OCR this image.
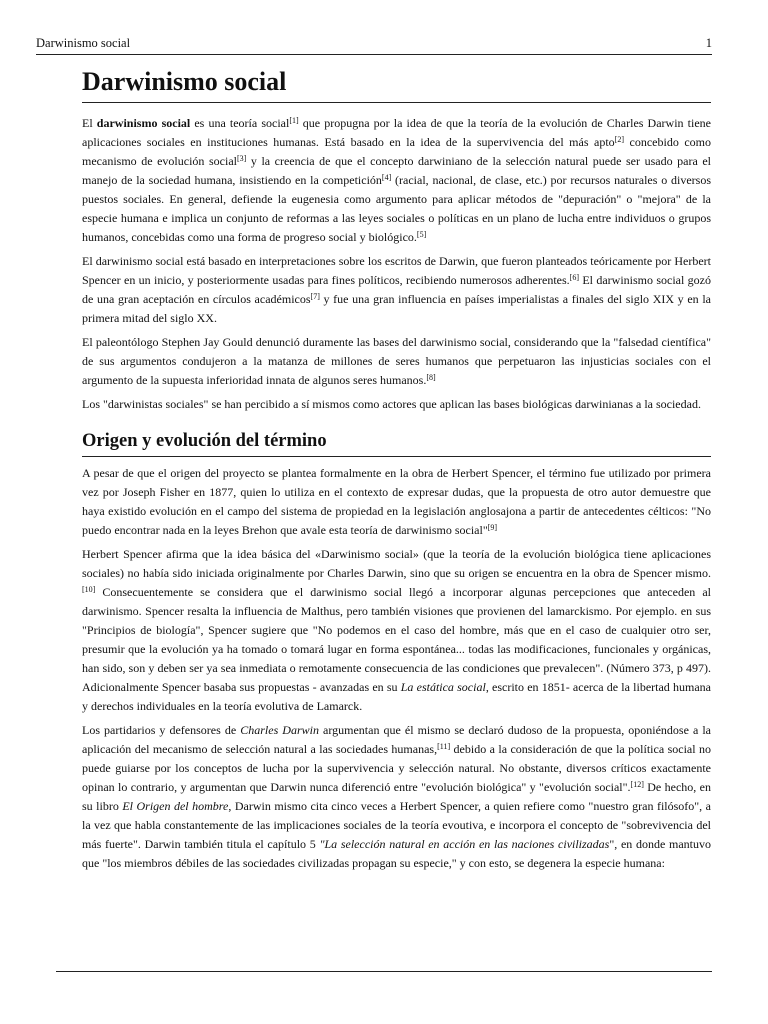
Darwinismo social	1
Darwinismo social

El darwinismo social es una teoría social[1] que propugna por la idea de que la teoría de la evolución de Charles Darwin tiene aplicaciones sociales en instituciones humanas. Está basado en la idea de la supervivencia del más apto[2] concebido como mecanismo de evolución social[3] y la creencia de que el concepto darwiniano de la selección natural puede ser usado para el manejo de la sociedad humana, insistiendo en la competición[4] (racial, nacional, de clase, etc.) por recursos naturales o diversos puestos sociales. En general, defiende la eugenesia como argumento para aplicar métodos de "depuración" o "mejora" de la especie humana e implica un conjunto de reformas a las leyes sociales o políticas en un plano de lucha entre individuos o grupos humanos, concebidas como una forma de progreso social y biológico.[5]

El darwinismo social está basado en interpretaciones sobre los escritos de Darwin, que fueron planteados teóricamente por Herbert Spencer en un inicio, y posteriormente usadas para fines políticos, recibiendo numerosos adherentes.[6] El darwinismo social gozó de una gran aceptación en círculos académicos[7] y fue una gran influencia en países imperialistas a finales del siglo XIX y en la primera mitad del siglo XX.

El paleontólogo Stephen Jay Gould denunció duramente las bases del darwinismo social, considerando que la "falsedad científica" de sus argumentos condujeron a la matanza de millones de seres humanos que perpetuaron las injusticias sociales con el argumento de la supuesta inferioridad innata de algunos seres humanos.[8]

Los "darwinistas sociales" se han percibido a sí mismos como actores que aplican las bases biológicas darwinianas a la sociedad.

Origen y evolución del término

A pesar de que el origen del proyecto se plantea formalmente en la obra de Herbert Spencer, el término fue utilizado por primera vez por Joseph Fisher en 1877, quien lo utiliza en el contexto de expresar dudas, que la propuesta de otro autor demuestre que haya existido evolución en el campo del sistema de propiedad en la legislación anglosajona a partir de antecedentes célticos: "No puedo encontrar nada en la leyes Brehon que avale esta teoría de darwinismo social"[9]

Herbert Spencer afirma que la idea básica del «Darwinismo social» (que la teoría de la evolución biológica tiene aplicaciones sociales) no había sido iniciada originalmente por Charles Darwin, sino que su origen se encuentra en la obra de Spencer mismo.[10] Consecuentemente se considera que el darwinismo social llegó a incorporar algunas percepciones que anteceden al darwinismo. Spencer resalta la influencia de Malthus, pero también visiones que provienen del lamarckismo. Por ejemplo. en sus "Principios de biología", Spencer sugiere que "No podemos en el caso del hombre, más que en el caso de cualquier otro ser, presumir que la evolución ya ha tomado o tomará lugar en forma espontánea... todas las modificaciones, funcionales y orgánicas, han sido, son y deben ser ya sea inmediata o remotamente consecuencia de las condiciones que prevalecen". (Número 373, p 497). Adicionalmente Spencer basaba sus propuestas - avanzadas en su La estática social, escrito en 1851- acerca de la libertad humana y derechos individuales en la teoría evolutiva de Lamarck.

Los partidarios y defensores de Charles Darwin argumentan que él mismo se declaró dudoso de la propuesta, oponiéndose a la aplicación del mecanismo de selección natural a las sociedades humanas,[11] debido a la consideración de que la política social no puede guiarse por los conceptos de lucha por la supervivencia y selección natural. No obstante, diversos críticos exactamente opinan lo contrario, y argumentan que Darwin nunca diferenció entre "evolución biológica" y "evolución social".[12] De hecho, en su libro El Origen del hombre, Darwin mismo cita cinco veces a Herbert Spencer, a quien refiere como "nuestro gran filósofo", a la vez que habla constantemente de las implicaciones sociales de la teoría evoutiva, e incorpora el concepto de "sobrevivencia del más fuerte". Darwin también titula el capítulo 5 "La selección natural en acción en las naciones civilizadas", en donde mantuvo que "los miembros débiles de las sociedades civilizadas propagan su especie," y con esto, se degenera la especie humana:
